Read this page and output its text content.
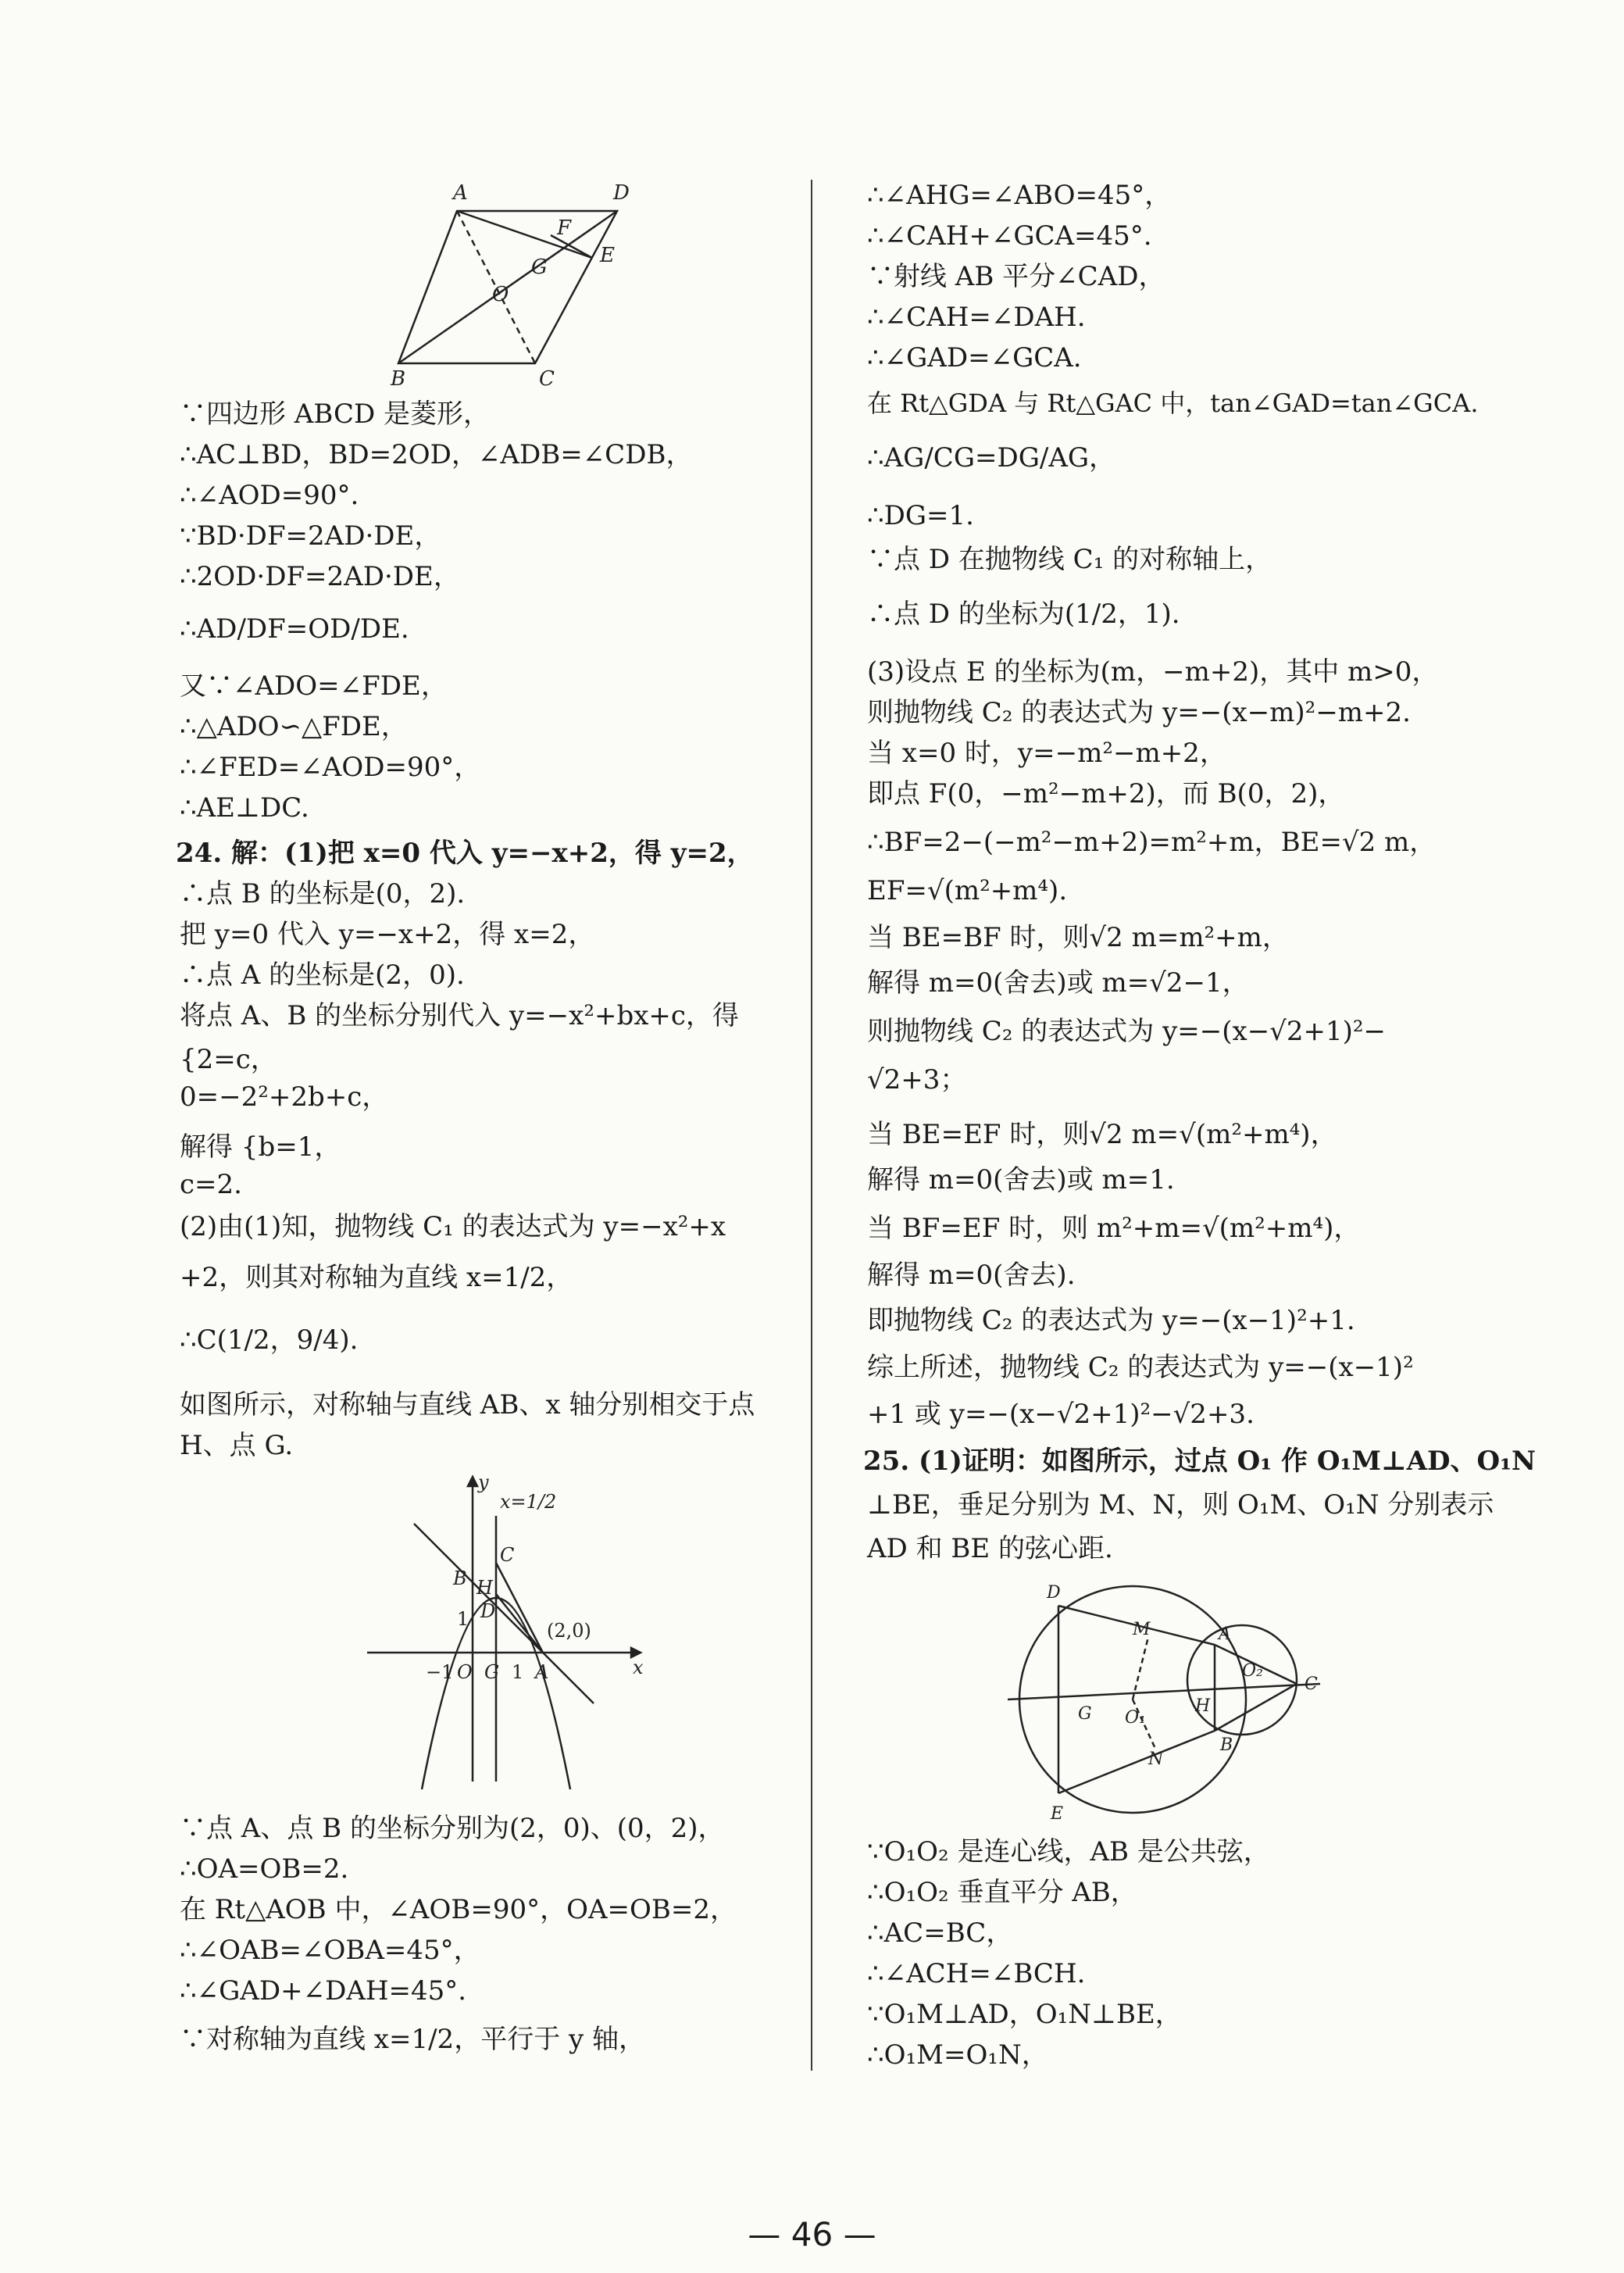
A	D
F
E
G
O
B	C
∵四边形 ABCD 是菱形，
∴AC⊥BD，BD=2OD，∠ADB=∠CDB，
∴∠AOD=90°.
∵BD·DF=2AD·DE，
∴2OD·DF=2AD·DE，
∴AD/DF=OD/DE.
又∵∠ADO=∠FDE，
∴△ADO∽△FDE，
∴∠FED=∠AOD=90°，
∴AE⊥DC.
24. 解：(1)把 x=0 代入 y=−x+2，得 y=2，
∴点 B 的坐标是(0，2).
把 y=0 代入 y=−x+2，得 x=2，
∴点 A 的坐标是(2，0).
将点 A、B 的坐标分别代入 y=−x²+bx+c，得
{2=c，
0=−2²+2b+c，
解得 {b=1，
c=2.
(2)由(1)知，抛物线 C₁ 的表达式为 y=−x²+x
+2，则其对称轴为直线 x=1/2，
∴C(1/2，9/4).
如图所示，对称轴与直线 AB、x 轴分别相交于点
H、点 G.
y
x=1/2
C
B H
1 D
(2,0)
−1 O G 1 A	x
∵点 A、点 B 的坐标分别为(2，0)、(0，2)，
∴OA=OB=2.
在 Rt△AOB 中，∠AOB=90°，OA=OB=2，
∴∠OAB=∠OBA=45°，
∴∠GAD+∠DAH=45°.
∵对称轴为直线 x=1/2，平行于 y 轴，
∴∠AHG=∠ABO=45°，
∴∠CAH+∠GCA=45°.
∵射线 AB 平分∠CAD，
∴∠CAH=∠DAH.
∴∠GAD=∠GCA.
在 Rt△GDA 与 Rt△GAC 中，tan∠GAD=tan∠GCA.
∴AG/CG=DG/AG，
∴DG=1.
∵点 D 在抛物线 C₁ 的对称轴上，
∴点 D 的坐标为(1/2，1).
(3)设点 E 的坐标为(m，−m+2)，其中 m>0，
则抛物线 C₂ 的表达式为 y=−(x−m)²−m+2.
当 x=0 时，y=−m²−m+2，
即点 F(0，−m²−m+2)，而 B(0，2)，
∴BF=2−(−m²−m+2)=m²+m，BE=√2 m，
EF=√(m²+m⁴).
当 BE=BF 时，则√2 m=m²+m，
解得 m=0(舍去)或 m=√2−1，
则抛物线 C₂ 的表达式为 y=−(x−√2+1)²−
√2+3；
当 BE=EF 时，则√2 m=√(m²+m⁴)，
解得 m=0(舍去)或 m=1.
当 BF=EF 时，则 m²+m=√(m²+m⁴)，
解得 m=0(舍去).
即抛物线 C₂ 的表达式为 y=−(x−1)²+1.
综上所述，抛物线 C₂ 的表达式为 y=−(x−1)²
+1 或 y=−(x−√2+1)²−√2+3.
25. (1)证明：如图所示，过点 O₁ 作 O₁M⊥AD、O₁N
⊥BE，垂足分别为 M、N，则 O₁M、O₁N 分别表示
AD 和 BE 的弦心距.
D
M	A
O₂
C
G O₁
H
N
B
E
∵O₁O₂ 是连心线，AB 是公共弦，
∴O₁O₂ 垂直平分 AB，
∴AC=BC，
∴∠ACH=∠BCH.
∵O₁M⊥AD，O₁N⊥BE，
∴O₁M=O₁N，
— 46 —
